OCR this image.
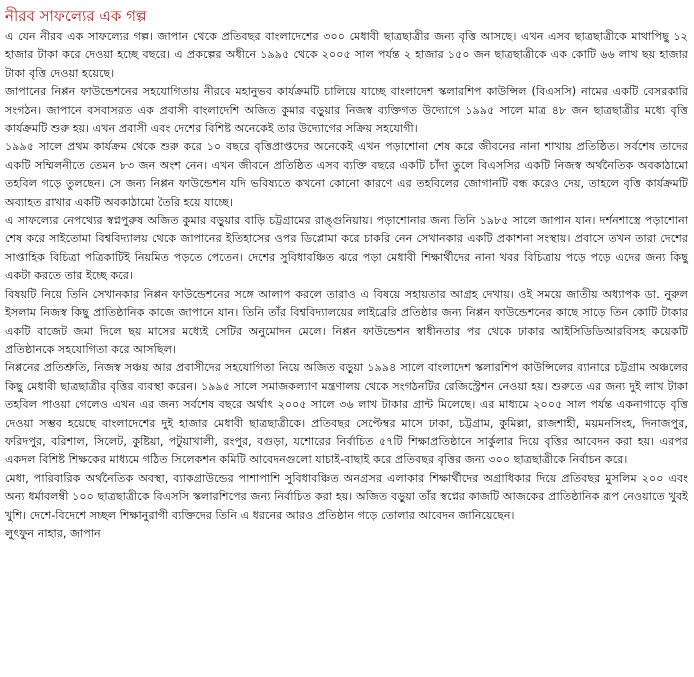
নীরব সাফল্যের এক গল্প

এ যেন নীরব এক সাফল্যের গল্প। জাপান থেকে প্রতিবছর বাংলাদেশের ৩০০ মেধাবী ছাত্রছাত্রীর জন্য বৃত্তি আসছে। এখন এসব ছাত্রছাত্রীকে মাথাপিছু ১২ হাজার টাকা করে দেওয়া হচ্ছে বছরে। এ প্রকল্পের অধীনে ১৯৯৫ থেকে ২০০৫ সাল পর্যন্ত ২ হাজার ১৫০ জন ছাত্রছাত্রীকে এক কোটি ৬৬ লাখ ছয় হাজার টাকা বৃত্তি দেওয়া হয়েছে।

জাপানের নিপ্পন ফাউন্ডেশনের সহযোগিতায় নীরবে মহানুভব কার্যক্রমটি চালিয়ে যাচ্ছে বাংলাদেশ স্কলারশিপ কাউন্সিল (বিএসসি) নামের একটি বেসরকারি সংগঠন। জাপানে বসবাসরত এক প্রবাসী বাংলাদেশি অজিত কুমার বড়ুয়ার নিজস্ব ব্যক্তিগত উদ্যোগে ১৯৯৫ সালে মাত্র ৪৮ জন ছাত্রছাত্রীর মধ্যে বৃত্তি কার্যক্রমটি শুরু হয়। এখন প্রবাসী এবং দেশের বিশিষ্ট অনেকেই তার উদ্যোগের সক্রিয় সহযোগী।

১৯৯৫ সালে প্রথম কার্যক্রম থেকে শুরু করে ১০ বছরে বৃত্তিপ্রাপ্তদের অনেকেই এখন পড়াশোনা শেষ করে জীবনের নানা শাখায় প্রতিষ্ঠিত। সর্বশেষ তাদের একটি সম্মিলনীতে তেমন ৮৩ জন অংশ নেন। এখন জীবনে প্রতিষ্ঠিত এসব ব্যক্তি বছরে একটি চাঁদা তুলে বিএসসির একটি নিজস্ব অর্থনৈতিক অবকাঠামো তহবিল গড়ে তুলছেন। সে জন্য নিপ্পন ফাউন্ডেশন যদি ভবিষ্যতে কখনো কোনো কারণে এর তহবিলের জোগানটি বন্ধ করেও দেয়, তাহলে বৃত্তি কার্যক্রমটি অব্যাহত রাখার একটি অবকাঠামো তৈরি হয়ে যাচ্ছে।

এ সাফল্যের নেপথ্যের স্বপ্নপুরুষ অজিত কুমার বড়ুয়ার বাড়ি চট্টগ্রামের রাঙ্গুনিয়ায়। পড়াশোনার জন্য তিনি ১৯৮৫ সালে জাপান যান। দর্শনশাস্ত্রে পড়াশোনা শেষ করে সাইতোমা বিশ্ববিদ্যালয় থেকে জাপানের ইতিহাসের ওপর ডিপ্লোমা করে চাকরি নেন সেখানকার একটি প্রকাশনা সংস্থায়। প্রবাসে তখন তারা দেশের সাপ্তাহিক বিচিত্রা পত্রিকাটিই নিয়মিত পড়তে পেতেন। দেশের সুবিধাবঞ্চিত ঝরে পড়া মেধাবী শিক্ষার্থীদের নানা খবর বিচিত্রায় পড়ে পড়ে এদের জন্য কিছু একটা করতে তার ইচ্ছে করে।

বিষয়টি নিয়ে তিনি সেখানকার নিপ্পন ফাউন্ডেশনের সঙ্গে আলাপ করলে তারাও এ বিষয়ে সহায়তার আগ্রহ দেখায়। ওই সময়ে জাতীয় অধ্যাপক ডা. নুরুল ইসলাম নিজস্ব কিছু প্রাতিষ্ঠানিক কাজে জাপানে যান। তিনি তাঁর বিশ্ববিদ্যালয়ের লাইব্রেরি প্রতিষ্ঠার জন্য নিপ্পন ফাউন্ডেশনের কাছে সাড়ে তিন কোটি টাকার একটি বাজেট জমা দিলে ছয় মাসের মধ্যেই সেটির অনুমোদন মেলে। নিপ্পন ফাউন্ডেশন স্বাধীনতার পর থেকে ঢাকার আইসিডিডিআরবিসহ কয়েকটি প্রতিষ্ঠানকে সহযোগিতা করে আসছিল।

নিপ্পনের প্রতিশ্রুতি, নিজস্ব সঞ্চয় আর প্রবাসীদের সহযোগিতা নিয়ে অজিত বড়ুয়া ১৯৯৪ সালে বাংলাদেশ স্কলারশিপ কাউন্সিলের ব্যানারে চট্টগ্রাম অঞ্চলের কিছু মেধাবী ছাত্রছাত্রীর বৃত্তির ব্যবস্থা করেন। ১৯৯৫ সালে সমাজকল্যাণ মন্ত্রণালয় থেকে সংগঠনটির রেজিস্ট্রেশন নেওয়া হয়। শুরুতে এর জন্য দুই লাখ টাকা তহবিল পাওয়া গেলেও এখন এর জন্য সর্বশেষ বছরে অর্থাৎ ২০০৫ সালে ৩৬ লাখ টাকার গ্রান্ট মিলেছে। এর মাধ্যমে ২০০৫ সাল পর্যন্ত একনাগাড়ে বৃত্তি দেওয়া সম্ভব হয়েছে বাংলাদেশের দুই হাজার মেধাবী ছাত্রছাত্রীকে। প্রতিবছর সেপ্টেম্বর মাসে ঢাকা, চট্টগ্রাম, কুমিল্লা, রাজশাহী, ময়মনসিংহ, দিনাজপুর, ফরিদপুর, বরিশাল, সিলেট, কুষ্টিয়া, পটুয়াখালী, রংপুর, বগুড়া, যশোরের নির্বাচিত ৫৭টি শিক্ষাপ্রতিষ্ঠানে সার্কুলার দিয়ে বৃত্তির আবেদন করা হয়। এরপর একদল বিশিষ্ট শিক্ষকের মাধ্যমে গঠিত সিলেকশন কমিটি আবেদনগুলো যাচাই-বাছাই করে প্রতিবছর বৃত্তির জন্য ৩০০ ছাত্রছাত্রীকে নির্বাচন করে।

মেধা, পারিবারিক অর্থনৈতিক অবস্থা, ব্যাকগ্রাউন্ডের পাশাপাশি সুবিধাবঞ্চিত অনগ্রসর এলাকার শিক্ষার্থীদের অগ্রাধিকার দিয়ে প্রতিবছর মুসলিম ২০০ এবং অন্য ধর্মাবলম্বী ১০০ ছাত্রছাত্রীকে বিএসসি স্কলারশিপের জন্য নির্বাচিত করা হয়। অজিত বড়ুয়া তাঁর স্বপ্নের কাজটি আজকের প্রাতিষ্ঠানিক রূপ নেওয়াতে খুবই খুশি। দেশে-বিদেশে সচ্ছল শিক্ষানুরাগী ব্যক্তিদের তিনি এ ধরনের আরও প্রতিষ্ঠান গড়ে তোলার আবেদন জানিয়েছেন।

লুৎফুন নাহার, জাপান
